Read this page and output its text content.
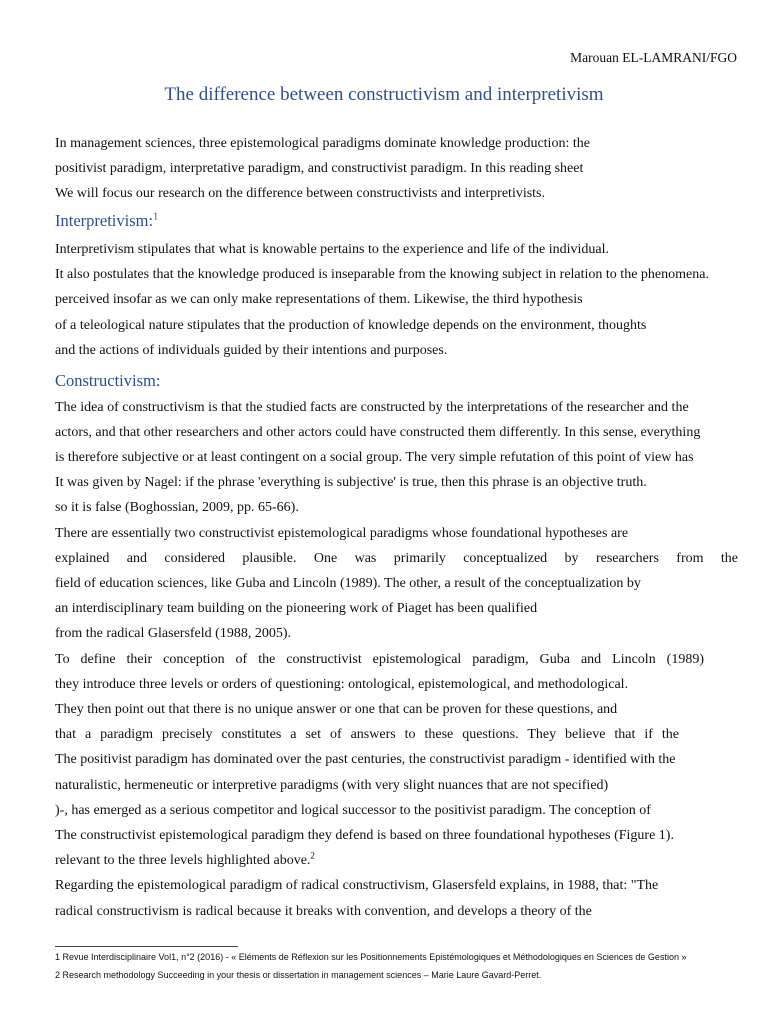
Marouan EL-LAMRANI/FGO
The difference between constructivism and interpretivism
In management sciences, three epistemological paradigms dominate knowledge production: the
positivist paradigm, interpretative paradigm, and constructivist paradigm. In this reading sheet
We will focus our research on the difference between constructivists and interpretivists.
Interpretivism:$^1$
Interpretivism stipulates that what is knowable pertains to the experience and life of the individual.
It also postulates that the knowledge produced is inseparable from the knowing subject in relation to the phenomena.
perceived insofar as we can only make representations of them. Likewise, the third hypothesis
of a teleological nature stipulates that the production of knowledge depends on the environment, thoughts
and the actions of individuals guided by their intentions and purposes.
Constructivism:
The idea of constructivism is that the studied facts are constructed by the interpretations of the researcher and the
actors, and that other researchers and other actors could have constructed them differently. In this sense, everything
is therefore subjective or at least contingent on a social group. The very simple refutation of this point of view has
It was given by Nagel: if the phrase 'everything is subjective' is true, then this phrase is an objective truth.
so it is false (Boghossian, 2009, pp. 65-66).
There are essentially two constructivist epistemological paradigms whose foundational hypotheses are
explained and considered plausible. One was primarily conceptualized by researchers from the
field of education sciences, like Guba and Lincoln (1989). The other, a result of the conceptualization by
an interdisciplinary team building on the pioneering work of Piaget has been qualified
from the radical Glasersfeld (1988, 2005).
To define their conception of the constructivist epistemological paradigm, Guba and Lincoln (1989)
they introduce three levels or orders of questioning: ontological, epistemological, and methodological.
They then point out that there is no unique answer or one that can be proven for these questions, and
that a paradigm precisely constitutes a set of answers to these questions. They believe that if the
The positivist paradigm has dominated over the past centuries, the constructivist paradigm - identified with the
naturalistic, hermeneutic or interpretive paradigms (with very slight nuances that are not specified)
)-, has emerged as a serious competitor and logical successor to the positivist paradigm. The conception of
The constructivist epistemological paradigm they defend is based on three foundational hypotheses (Figure 1).
relevant to the three levels highlighted above.$^2$
Regarding the epistemological paradigm of radical constructivism, Glasersfeld explains, in 1988, that: "The
radical constructivism is radical because it breaks with convention, and develops a theory of the
1 Revue Interdisciplinaire Vol1, n°2 (2016) - « Eléments de Réflexion sur les Positionnements Epistémologiques et Méthodologiques en Sciences de Gestion »
2 Research methodology Succeeding in your thesis or dissertation in management sciences – Marie Laure Gavard-Perret.
